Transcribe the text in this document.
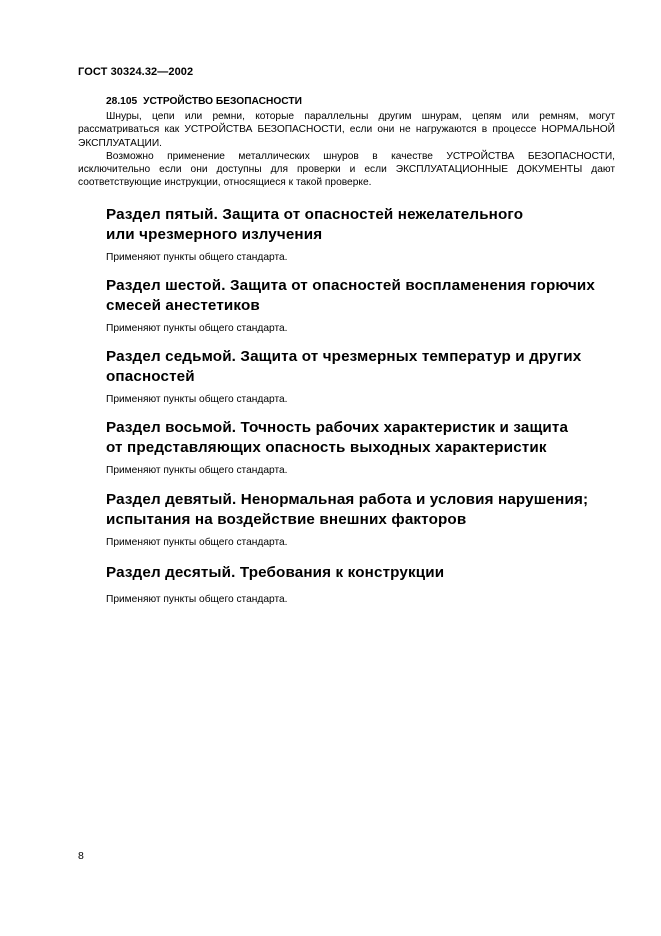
ГОСТ 30324.32—2002
28.105 УСТРОЙСТВО БЕЗОПАСНОСТИ

Шнуры, цепи или ремни, которые параллельны другим шнурам, цепям или ремням, могут рассматриваться как УСТРОЙСТВА БЕЗОПАСНОСТИ, если они не нагружаются в процессе НОРМАЛЬНОЙ ЭКСПЛУАТАЦИИ.

Возможно применение металлических шнуров в качестве УСТРОЙСТВА БЕЗОПАСНОСТИ, исключительно если они доступны для проверки и если ЭКСПЛУАТАЦИОННЫЕ ДОКУМЕНТЫ дают соответствующие инструкции, относящиеся к такой проверке.

Раздел пятый. Защита от опасностей нежелательного
или чрезмерного излучения

Применяют пункты общего стандарта.

Раздел шестой. Защита от опасностей воспламенения горючих
смесей анестетиков

Применяют пункты общего стандарта.

Раздел седьмой. Защита от чрезмерных температур и других
опасностей

Применяют пункты общего стандарта.

Раздел восьмой. Точность рабочих характеристик и защита
от представляющих опасность выходных характеристик

Применяют пункты общего стандарта.

Раздел девятый. Ненормальная работа и условия нарушения;
испытания на воздействие внешних факторов

Применяют пункты общего стандарта.

Раздел десятый. Требования к конструкции

Применяют пункты общего стандарта.

8
